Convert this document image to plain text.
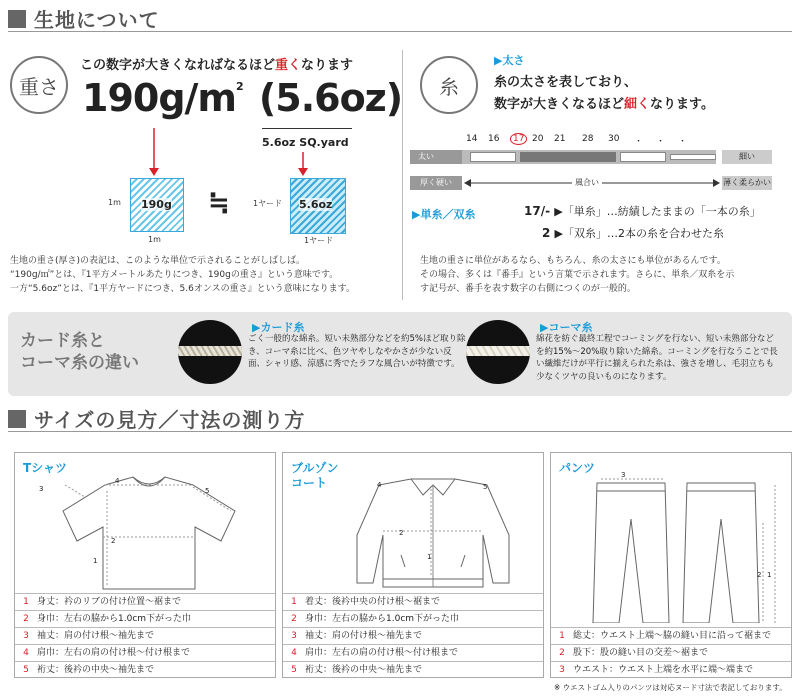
生地について
重さ
この数字が大きくなればなるほど重くなります
$190g/m^2$ (5.6oz)
5.6oz SQ.yard
1m 190g
1m
≒	1ヤード 5.6oz
1ヤード
生地の重さ(厚さ)の表記は、このような単位で示されることがしばしば。
“190g/㎡”とは、『1平方メートルあたりにつき、190gの重さ』という意味です。
一方“5.6oz”とは、『1平方ヤードにつき、5.6オンスの重さ』という意味になります。
糸
▶太さ
糸の太さを表しており、
数字が大きくなるほど細くなります。
14	16	17 20	21	28	30	・	・	・
太い	細い
厚く硬い	風合い	薄く柔らかい
▶単糸／双糸	17/- ▶「単糸」…紡績したままの「一本の糸」
2 ▶「双糸」…2本の糸を合わせた糸
生地の重さに単位があるなら、もちろん、糸の太さにも単位があるんです。
その場合、多くは『番手』という言葉で示されます。さらに、単糸／双糸を示
す記号が、番手を表す数字の右側につくのが一般的。
カード糸と
コーマ糸の違い
▶カード糸
ごく一般的な綿糸。短い未熟部分などを約5%ほど取り除き、コーマ糸に比べ、色ツヤやしなやかさが少ない反面、シャリ感、涼感に秀でたラフな風合いが特徴です。
▶コーマ糸
綿花を紡ぐ最終工程でコーミングを行ない、短い未熟部分などを約15%〜20%取り除いた綿糸。コーミングを行なうことで長い繊維だけが平行に揃えられた糸は、強さを増し、毛羽立ちも少なくツヤの良いものになります。
サイズの見方／寸法の測り方
Tシャツ
3
4
5
2
1
1 身丈：衿のリブの付け位置〜裾まで
2 身巾：左右の脇から1.0cm下がった巾
3 袖丈：肩の付け根〜袖先まで
4 肩巾：左右の肩の付け根〜付け根まで
5 裄丈：後衿の中央〜袖先まで
ブルゾン
コート	4	5
2
1
1 着丈：後衿中央の付け根〜裾まで
2 身巾：左右の脇から1.0cm下がった巾
3 袖丈：肩の付け根〜袖先まで
4 肩巾：左右の肩の付け根〜付け根まで
5 裄丈：後衿の中央〜袖先まで
パンツ	3
2 1
1 総丈：ウエスト上端〜脇の縫い目に沿って裾まで
2 股下：股の縫い目の交差〜裾まで
3 ウエスト：ウエスト上端を水平に端〜端まで
※ ウエストゴム入りのパンツは対応ヌード寸法で表記しております。
